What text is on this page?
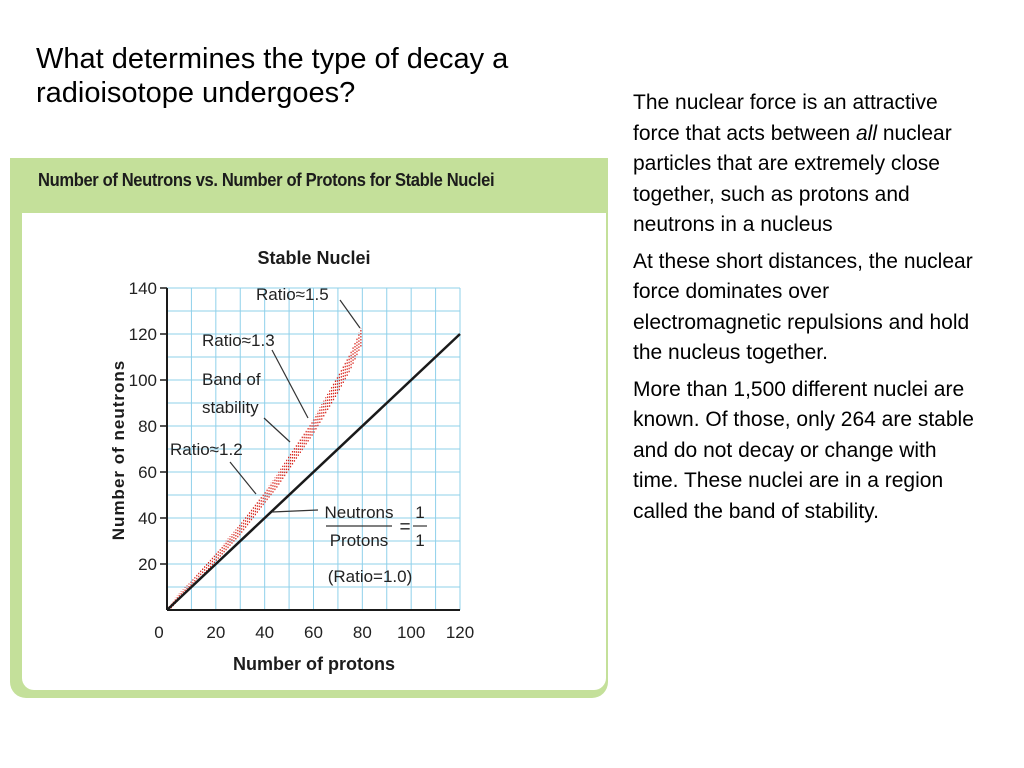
What determines the type of decay a radioisotope undergoes?
Number of Neutrons vs. Number of Protons for Stable Nuclei
0	20 40 60 80 100 120
20
40
60
80
100
120
140
Stable Nuclei
Number of protons
Number of neutrons
Ratio≈1.5
Ratio≈1.3
Band of
stability
Ratio≈1.2
Neutrons
Protons
=
1
1
(Ratio=1.0)

The nuclear force is an attractive force that acts between all nuclear particles that are extremely close together, such as protons and neutrons in a nucleus

At these short distances, the nuclear force dominates over electromagnetic repulsions and hold the nucleus together.

More than 1,500 different nuclei are known. Of those, only 264 are stable and do not decay or change with time. These nuclei are in a region called the band of stability.
